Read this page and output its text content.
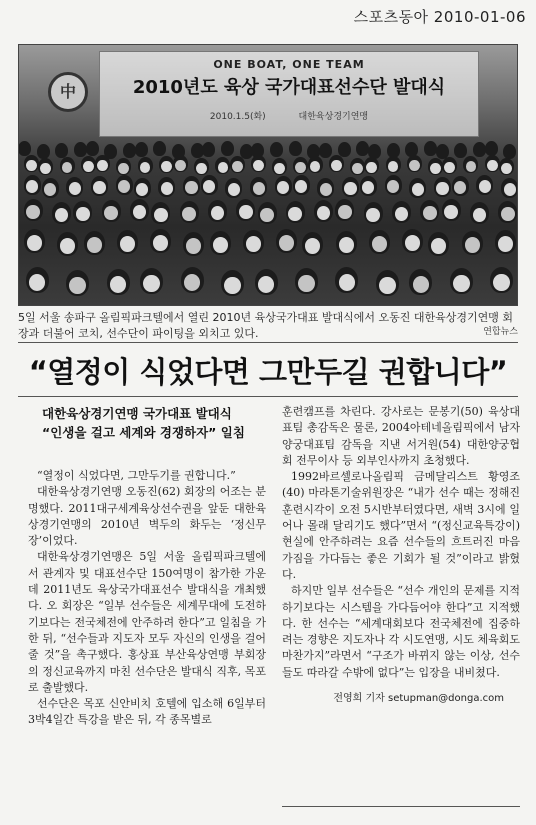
스포츠동아 2010-01-06
中
ONE BOAT, ONE TEAM
2010년도 육상 국가대표선수단 발대식
2010.1.5(화) 대한육상경기연맹
5일 서울 송파구 올림픽파크텔에서 열린 2010년 육상국가대표 발대식에서 오동진 대한육상경기연맹 회장과 더불어 코치, 선수단이 파이팅을 외치고 있다.	연합뉴스
“열정이 식었다면 그만두길 권합니다”
대한육상경기연맹 국가대표 발대식
“인생을 걸고 세계와 경쟁하자” 일침

“열정이 식었다면, 그만두기를 권합니다.”

대한육상경기연맹 오동진(62) 회장의 어조는 분명했다. 2011대구세계육상선수권을 앞둔 대한육상경기연맹의 2010년 벽두의 화두는 ‘정신무장’이었다.

대한육상경기연맹은 5일 서울 올림픽파크텔에서 관계자 및 대표선수단 150여명이 참가한 가운데 2011년도 육상국가대표선수 발대식을 개최했다. 오 회장은 “일부 선수들은 세계무대에 도전하기보다는 전국체전에 안주하려 한다”고 일침을 가한 뒤, “선수들과 지도자 모두 자신의 인생을 걸어 줄 것”을 촉구했다. 홍상표 부산육상연맹 부회장의 정신교육까지 마친 선수단은 발대식 직후, 목포로 출발했다.

선수단은 목포 신안비치 호텔에 입소해 6일부터 3박4일간 특강을 받은 뒤, 각 종목별로

훈련캠프를 차린다. 강사로는 문봉기(50) 육상대표팀 총감독은 물론, 2004아테네올림픽에서 남자양궁대표팀 감독을 지낸 서거원(54) 대한양궁협회 전무이사 등 외부인사까지 초청했다.

1992바르셀로나올림픽 금메달리스트 황영조(40) 마라톤기술위원장은 “내가 선수 때는 정해진 훈련시각이 오전 5시반부터였다면, 새벽 3시에 일어나 몰래 달리기도 했다”면서 “(정신교육특강이) 현실에 안주하려는 요즘 선수들의 흐트러진 마음가짐을 가다듬는 좋은 기회가 될 것”이라고 밝혔다.

하지만 일부 선수들은 “선수 개인의 문제를 지적하기보다는 시스템을 가다듬어야 한다”고 지적했다. 한 선수는 “세계대회보다 전국체전에 집중하려는 경향은 지도자나 각 시도연맹, 시도 체육회도 마찬가지”라면서 “구조가 바뀌지 않는 이상, 선수들도 따라갈 수밖에 없다”는 입장을 내비쳤다.

전영희 기자 setupman@donga.com
